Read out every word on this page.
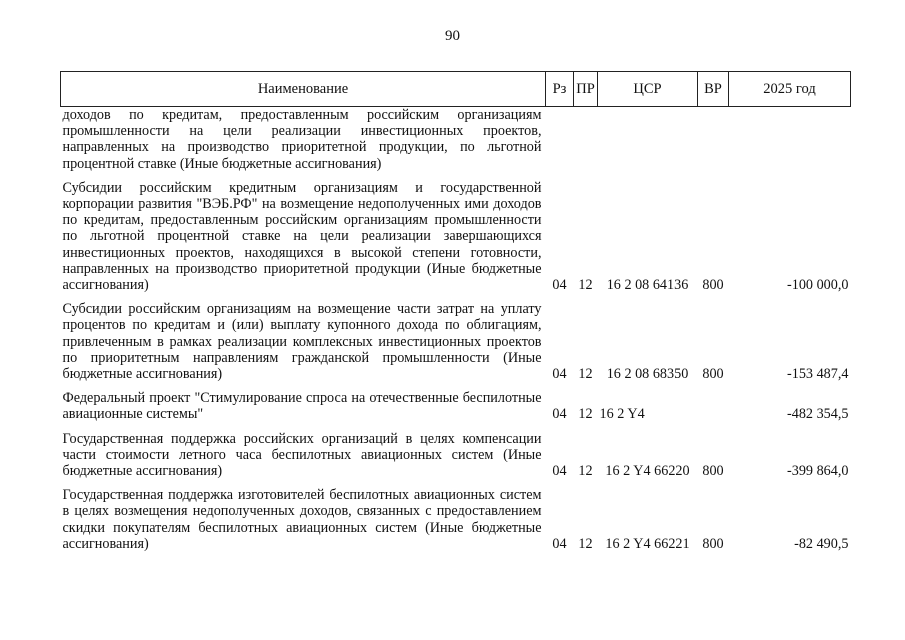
90
Наименование	Рз	ПР	ЦСР	ВР	2025 год
доходов по кредитам, предоставленным российским организациям промышленности на цели реализации инвестиционных проектов, направленных на производство приоритетной продукции, по льготной процентной ставке (Иные бюджетные ассигнования)					
Субсидии российским кредитным организациям и государственной корпорации развития "ВЭБ.РФ" на возмещение недополученных ими доходов по кредитам, предоставленным российским организациям промышленности по льготной процентной ставке на цели реализации завершающихся инвестиционных проектов, находящихся в высокой степени готовности, направленных на производство приоритетной продукции (Иные бюджетные ассигнования)	04	12	16 2 08 64136	800	-100 000,0
Субсидии российским организациям на возмещение части затрат на уплату процентов по кредитам и (или) выплату купонного дохода по облигациям, привлеченным в рамках реализации комплексных инвестиционных проектов по приоритетным направлениям гражданской промышленности (Иные бюджетные ассигнования)	04	12	16 2 08 68350	800	-153 487,4
Федеральный проект "Стимулирование спроса на отечественные беспилотные авиационные системы"	04	12	16 2 Y4		-482 354,5
Государственная поддержка российских организаций в целях компенсации части стоимости летного часа беспилотных авиационных систем (Иные бюджетные ассигнования)	04	12	16 2 Y4 66220	800	-399 864,0
Государственная поддержка изготовителей беспилотных авиационных систем в целях возмещения недополученных доходов, связанных с предоставлением скидки покупателям беспилотных авиационных систем (Иные бюджетные ассигнования)	04	12	16 2 Y4 66221	800	-82 490,5
